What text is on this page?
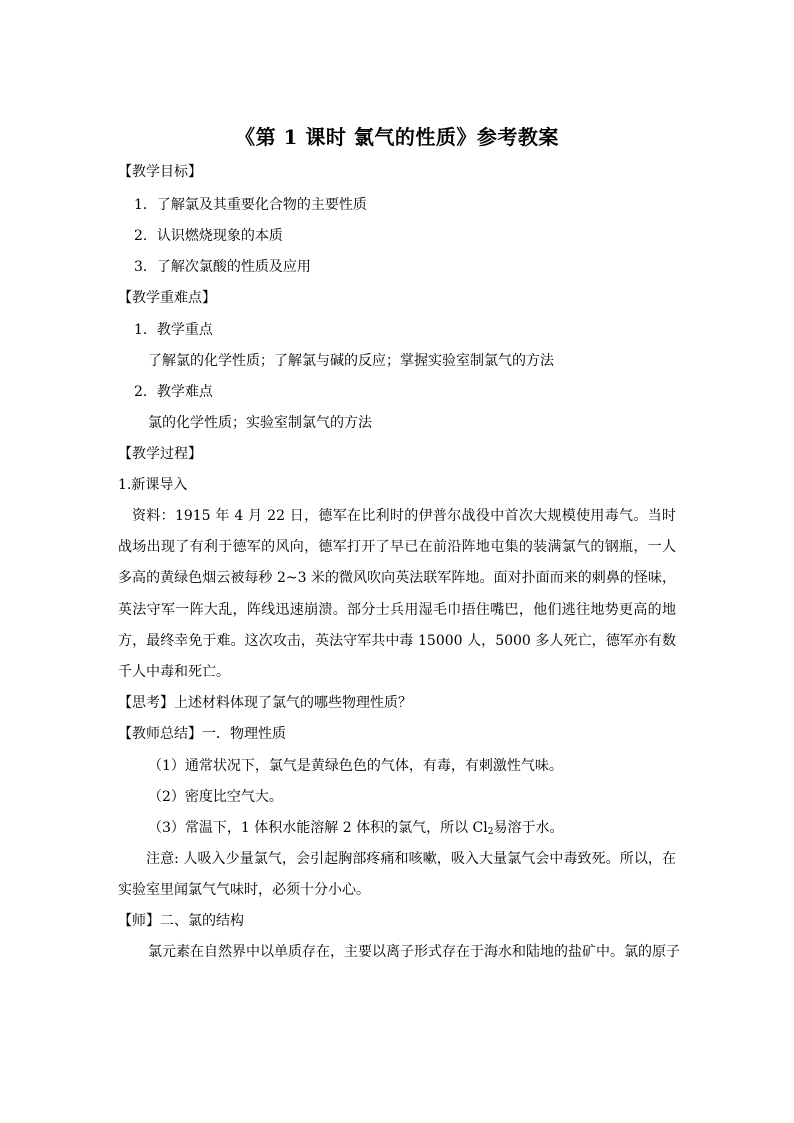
《第 1 课时 氯气的性质》参考教案
【教学目标】
1．了解氯及其重要化合物的主要性质
2．认识燃烧现象的本质
3．了解次氯酸的性质及应用
【教学重难点】
1．教学重点
了解氯的化学性质；了解氯与碱的反应；掌握实验室制氯气的方法
2．教学难点
氯的化学性质；实验室制氯气的方法
【教学过程】
1.新课导入
资料：1915 年 4 月 22 日，德军在比利时的伊普尔战役中首次大规模使用毒气。当时战场出现了有利于德军的风向，德军打开了早已在前沿阵地屯集的装满氯气的钢瓶，一人多高的黄绿色烟云被每秒 2~3 米的微风吹向英法联军阵地。面对扑面而来的刺鼻的怪味，英法守军一阵大乱，阵线迅速崩溃。部分士兵用湿毛巾捂住嘴巴，他们逃往地势更高的地方，最终幸免于难。这次攻击，英法守军共中毒 15000 人，5000 多人死亡，德军亦有数千人中毒和死亡。
【思考】上述材料体现了氯气的哪些物理性质？
【教师总结】一．物理性质
（1）通常状况下，氯气是黄绿色色的气体，有毒，有刺激性气味。
（2）密度比空气大。
（3）常温下，1 体积水能溶解 2 体积的氯气，所以 $Cl_2$易溶于水。
注意: 人吸入少量氯气，会引起胸部疼痛和咳嗽，吸入大量氯气会中毒致死。所以，在实验室里闻氯气气味时，必须十分小心。
【师】二、氯的结构
氯元素在自然界中以单质存在，主要以离子形式存在于海水和陆地的盐矿中。氯的原子
